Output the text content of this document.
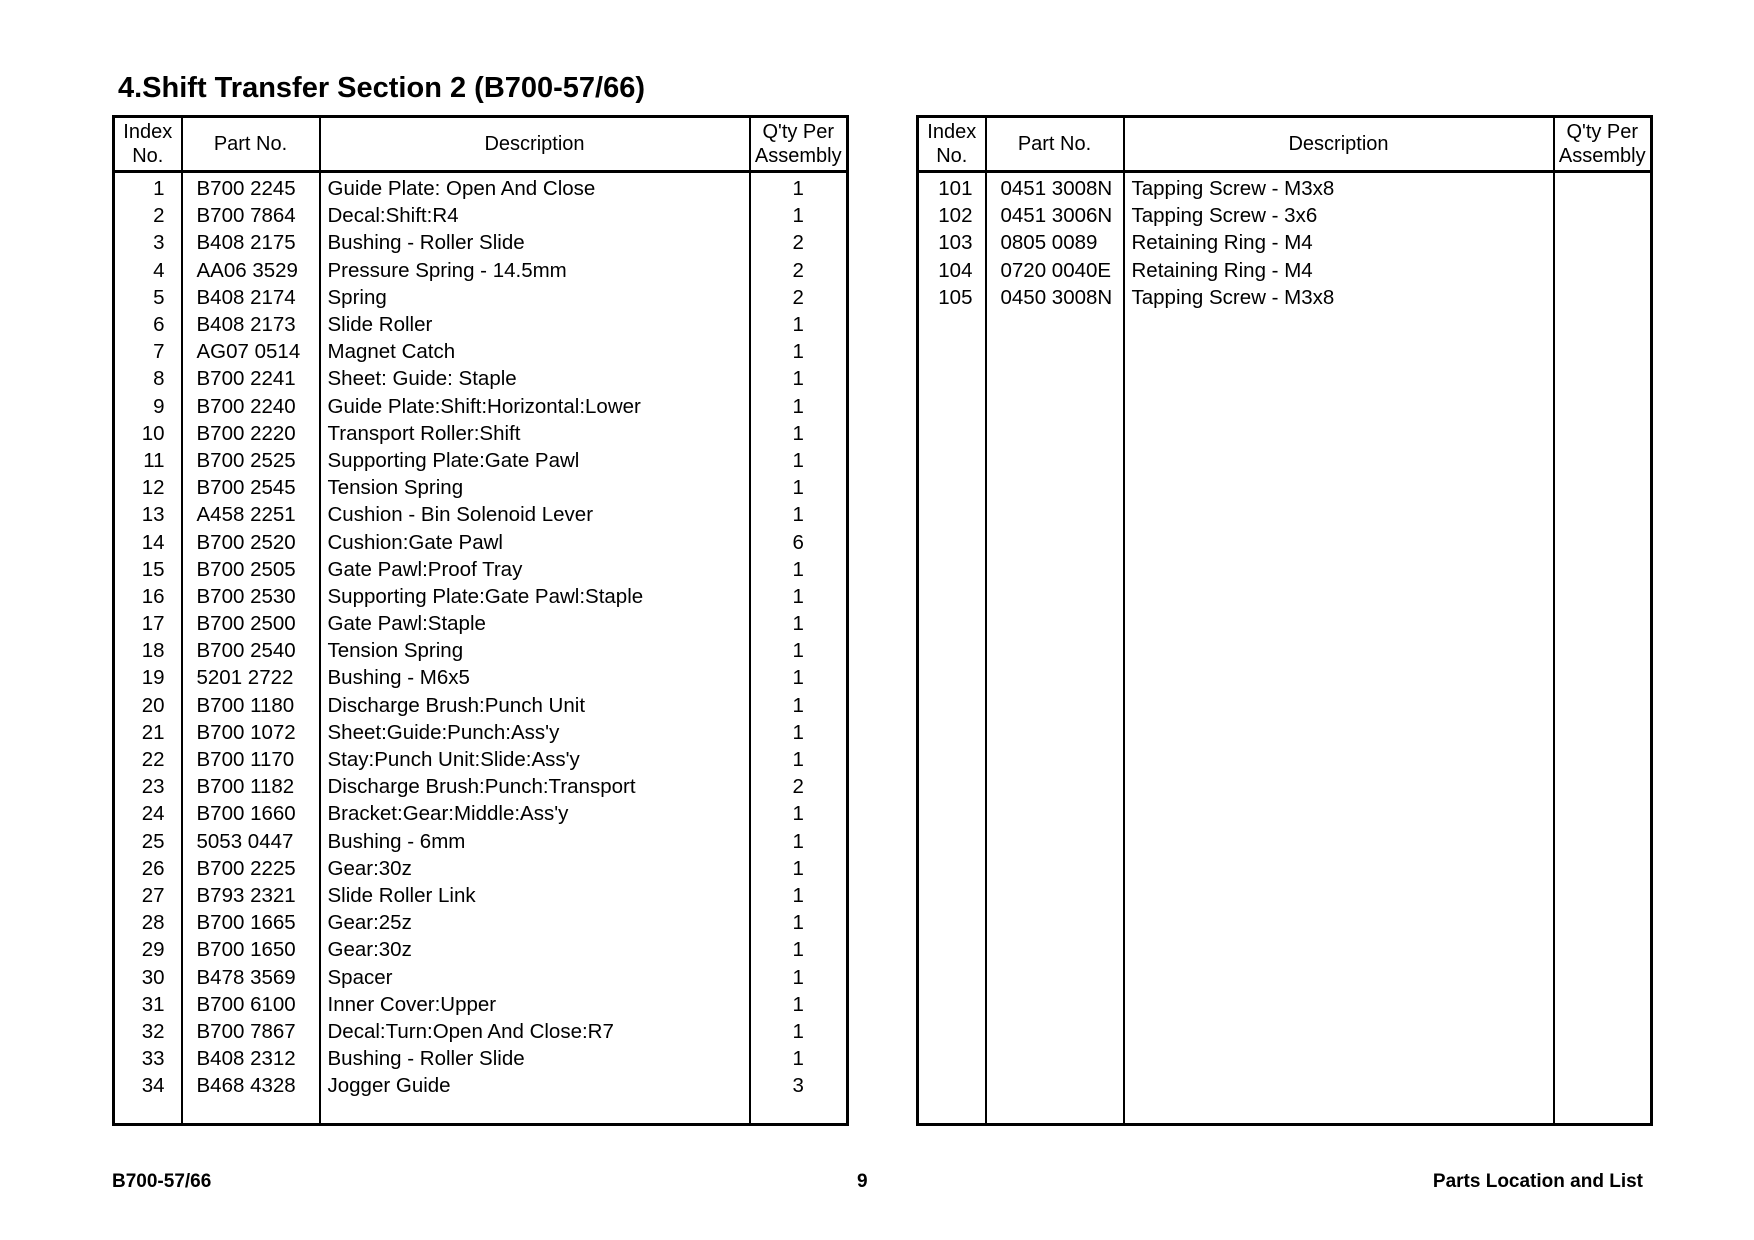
4.Shift Transfer Section 2 (B700-57/66)
Index
No.	Part No.	Description	Q'ty Per
Assembly
1	B700 2245	Guide Plate: Open And Close	1
2	B700 7864	Decal:Shift:R4	1
3	B408 2175	Bushing - Roller Slide	2
4	AA06 3529	Pressure Spring - 14.5mm	2
5	B408 2174	Spring	2
6	B408 2173	Slide Roller	1
7	AG07 0514	Magnet Catch	1
8	B700 2241	Sheet: Guide: Staple	1
9	B700 2240	Guide Plate:Shift:Horizontal:Lower	1
10	B700 2220	Transport Roller:Shift	1
11	B700 2525	Supporting Plate:Gate Pawl	1
12	B700 2545	Tension Spring	1
13	A458 2251	Cushion - Bin Solenoid Lever	1
14	B700 2520	Cushion:Gate Pawl	6
15	B700 2505	Gate Pawl:Proof Tray	1
16	B700 2530	Supporting Plate:Gate Pawl:Staple	1
17	B700 2500	Gate Pawl:Staple	1
18	B700 2540	Tension Spring	1
19	5201 2722	Bushing - M6x5	1
20	B700 1180	Discharge Brush:Punch Unit	1
21	B700 1072	Sheet:Guide:Punch:Ass'y	1
22	B700 1170	Stay:Punch Unit:Slide:Ass'y	1
23	B700 1182	Discharge Brush:Punch:Transport	2
24	B700 1660	Bracket:Gear:Middle:Ass'y	1
25	5053 0447	Bushing - 6mm	1
26	B700 2225	Gear:30z	1
27	B793 2321	Slide Roller Link	1
28	B700 1665	Gear:25z	1
29	B700 1650	Gear:30z	1
30	B478 3569	Spacer	1
31	B700 6100	Inner Cover:Upper	1
32	B700 7867	Decal:Turn:Open And Close:R7	1
33	B408 2312	Bushing - Roller Slide	1
34	B468 4328	Jogger Guide	3

Index
No.	Part No.	Description	Q'ty Per
Assembly
101	0451 3008N	Tapping Screw - M3x8	
102	0451 3006N	Tapping Screw - 3x6	
103	0805 0089	Retaining Ring - M4	
104	0720 0040E	Retaining Ring - M4	
105	0450 3008N	Tapping Screw - M3x8	

B700-57/66	9	Parts Location and List
